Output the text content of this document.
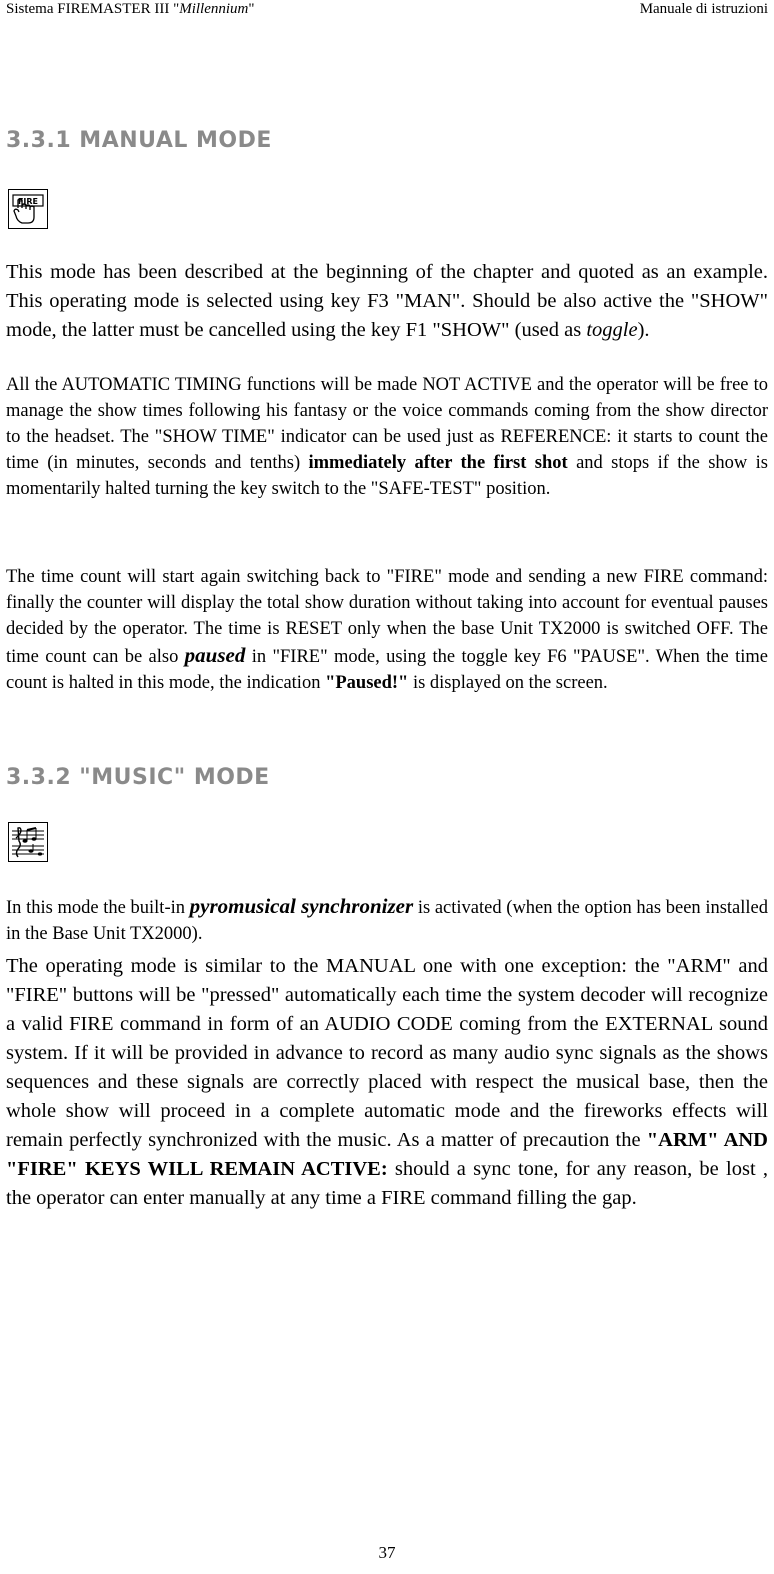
Sistema FIREMASTER III "Millennium"	Manuale di istruzioni
3.3.1 MANUAL MODE
FIRE

This mode has been described at the beginning of the chapter and quoted as an example. This operating mode is selected using key F3 "MAN". Should be also active the "SHOW" mode, the latter must be cancelled using the key F1 "SHOW" (used as toggle).

All the AUTOMATIC TIMING functions will be made NOT ACTIVE and the operator will be free to manage the show times following his fantasy or the voice commands coming from the show director to the headset. The "SHOW TIME" indicator can be used just as REFERENCE: it starts to count the time (in minutes, seconds and tenths) immediately after the first shot and stops if the show is momentarily halted turning the key switch to the "SAFE-TEST" position.

The time count will start again switching back to "FIRE" mode and sending a new FIRE command: finally the counter will display the total show duration without taking into account for eventual pauses decided by the operator. The time is RESET only when the base Unit TX2000 is switched OFF. The time count can be also paused in "FIRE" mode, using the toggle key F6 "PAUSE". When the time count is halted in this mode, the indication "Paused!" is displayed on the screen.

3.3.2 "MUSIC" MODE

In this mode the built-in pyromusical synchronizer is activated (when the option has been installed in the Base Unit TX2000).

The operating mode is similar to the MANUAL one with one exception: the "ARM" and "FIRE" buttons will be "pressed" automatically each time the system decoder will recognize a valid FIRE command in form of an AUDIO CODE coming from the EXTERNAL sound system. If it will be provided in advance to record as many audio sync signals as the shows sequences and these signals are correctly placed with respect the musical base, then the whole show will proceed in a complete automatic mode and the fireworks effects will remain perfectly synchronized with the music. As a matter of precaution the "ARM" AND "FIRE" KEYS WILL REMAIN ACTIVE: should a sync tone, for any reason, be lost , the operator can enter manually at any time a FIRE command filling the gap.

37
